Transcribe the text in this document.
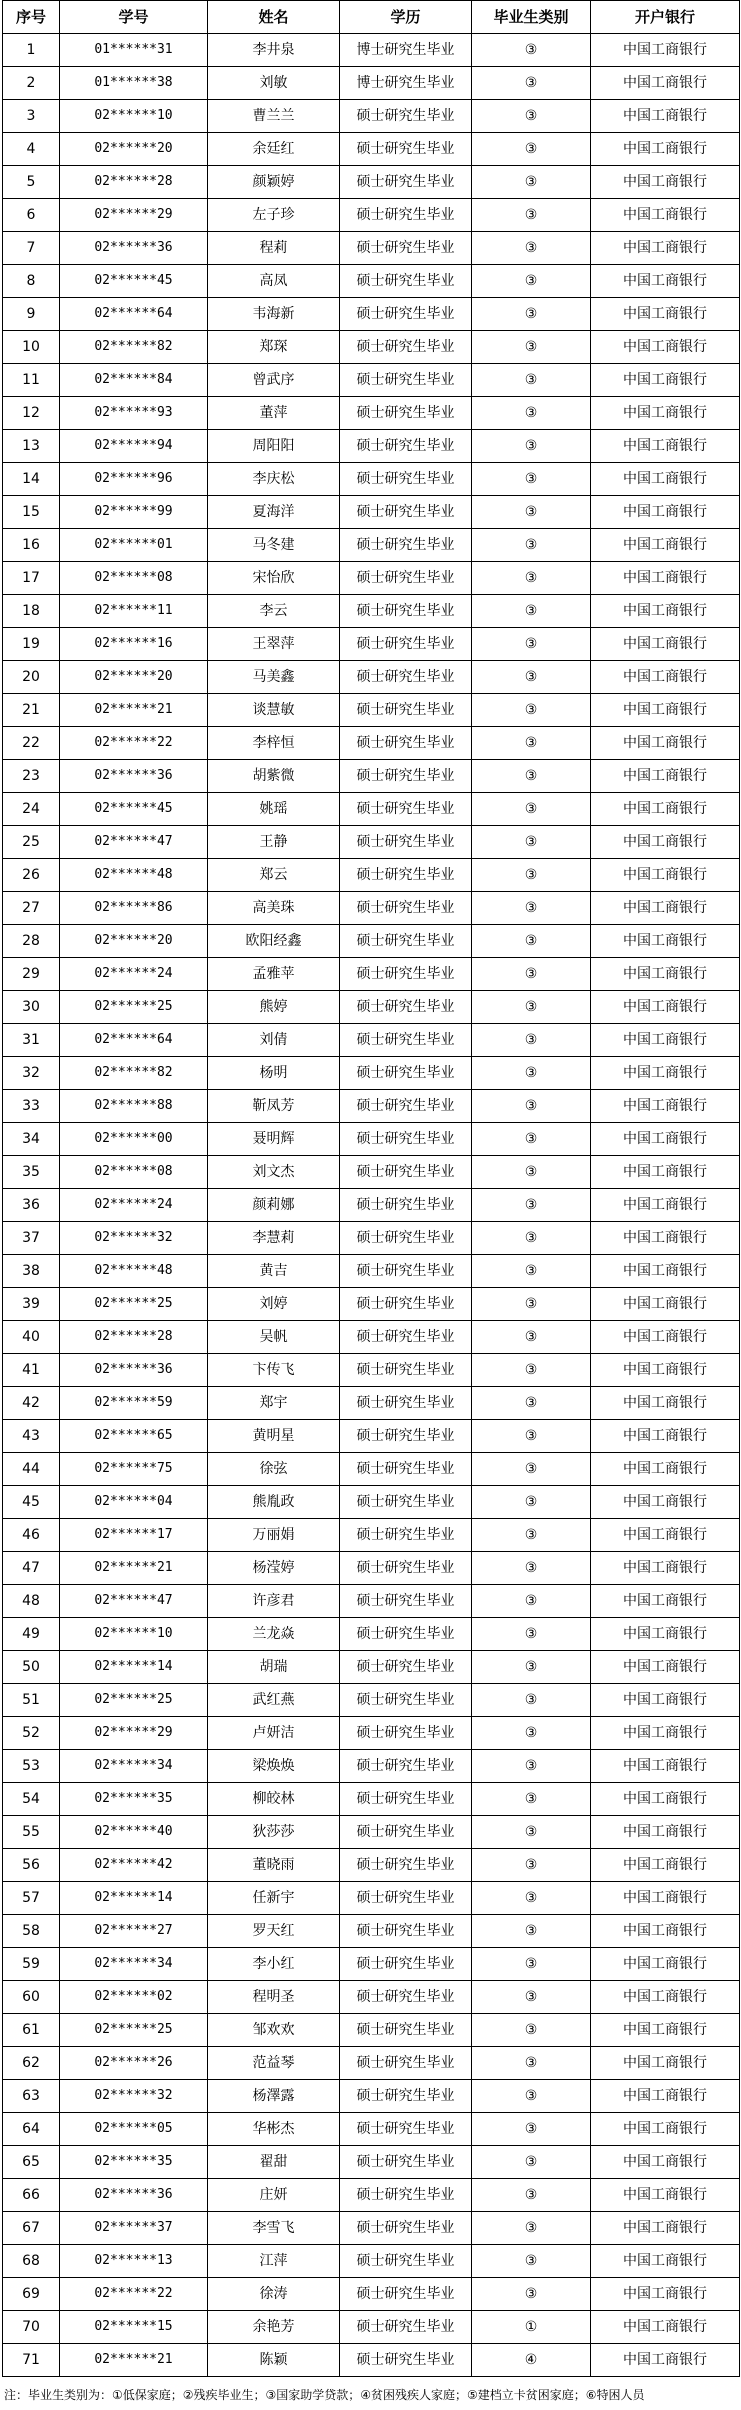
序号	学号	姓名	学历	毕业生类别	开户银行
1	01******31	李井泉	博士研究生毕业	③	中国工商银行
2	01******38	刘敏	博士研究生毕业	③	中国工商银行
3	02******10	曹兰兰	硕士研究生毕业	③	中国工商银行
4	02******20	余廷红	硕士研究生毕业	③	中国工商银行
5	02******28	颜颖婷	硕士研究生毕业	③	中国工商银行
6	02******29	左子珍	硕士研究生毕业	③	中国工商银行
7	02******36	程莉	硕士研究生毕业	③	中国工商银行
8	02******45	高凤	硕士研究生毕业	③	中国工商银行
9	02******64	韦海新	硕士研究生毕业	③	中国工商银行
10	02******82	郑琛	硕士研究生毕业	③	中国工商银行
11	02******84	曾武序	硕士研究生毕业	③	中国工商银行
12	02******93	董萍	硕士研究生毕业	③	中国工商银行
13	02******94	周阳阳	硕士研究生毕业	③	中国工商银行
14	02******96	李庆松	硕士研究生毕业	③	中国工商银行
15	02******99	夏海洋	硕士研究生毕业	③	中国工商银行
16	02******01	马冬建	硕士研究生毕业	③	中国工商银行
17	02******08	宋怡欣	硕士研究生毕业	③	中国工商银行
18	02******11	李云	硕士研究生毕业	③	中国工商银行
19	02******16	王翠萍	硕士研究生毕业	③	中国工商银行
20	02******20	马美鑫	硕士研究生毕业	③	中国工商银行
21	02******21	谈慧敏	硕士研究生毕业	③	中国工商银行
22	02******22	李梓恒	硕士研究生毕业	③	中国工商银行
23	02******36	胡紫微	硕士研究生毕业	③	中国工商银行
24	02******45	姚瑶	硕士研究生毕业	③	中国工商银行
25	02******47	王静	硕士研究生毕业	③	中国工商银行
26	02******48	郑云	硕士研究生毕业	③	中国工商银行
27	02******86	高美珠	硕士研究生毕业	③	中国工商银行
28	02******20	欧阳经鑫	硕士研究生毕业	③	中国工商银行
29	02******24	孟雅苹	硕士研究生毕业	③	中国工商银行
30	02******25	熊婷	硕士研究生毕业	③	中国工商银行
31	02******64	刘倩	硕士研究生毕业	③	中国工商银行
32	02******82	杨明	硕士研究生毕业	③	中国工商银行
33	02******88	靳凤芳	硕士研究生毕业	③	中国工商银行
34	02******00	聂明辉	硕士研究生毕业	③	中国工商银行
35	02******08	刘文杰	硕士研究生毕业	③	中国工商银行
36	02******24	颜莉娜	硕士研究生毕业	③	中国工商银行
37	02******32	李慧莉	硕士研究生毕业	③	中国工商银行
38	02******48	黄吉	硕士研究生毕业	③	中国工商银行
39	02******25	刘婷	硕士研究生毕业	③	中国工商银行
40	02******28	吴帆	硕士研究生毕业	③	中国工商银行
41	02******36	卞传飞	硕士研究生毕业	③	中国工商银行
42	02******59	郑宇	硕士研究生毕业	③	中国工商银行
43	02******65	黄明星	硕士研究生毕业	③	中国工商银行
44	02******75	徐弦	硕士研究生毕业	③	中国工商银行
45	02******04	熊胤政	硕士研究生毕业	③	中国工商银行
46	02******17	万丽娟	硕士研究生毕业	③	中国工商银行
47	02******21	杨滢婷	硕士研究生毕业	③	中国工商银行
48	02******47	许彦君	硕士研究生毕业	③	中国工商银行
49	02******10	兰龙焱	硕士研究生毕业	③	中国工商银行
50	02******14	胡瑞	硕士研究生毕业	③	中国工商银行
51	02******25	武红燕	硕士研究生毕业	③	中国工商银行
52	02******29	卢妍洁	硕士研究生毕业	③	中国工商银行
53	02******34	梁焕焕	硕士研究生毕业	③	中国工商银行
54	02******35	柳皎林	硕士研究生毕业	③	中国工商银行
55	02******40	狄莎莎	硕士研究生毕业	③	中国工商银行
56	02******42	董晓雨	硕士研究生毕业	③	中国工商银行
57	02******14	任新宇	硕士研究生毕业	③	中国工商银行
58	02******27	罗天红	硕士研究生毕业	③	中国工商银行
59	02******34	李小红	硕士研究生毕业	③	中国工商银行
60	02******02	程明圣	硕士研究生毕业	③	中国工商银行
61	02******25	邹欢欢	硕士研究生毕业	③	中国工商银行
62	02******26	范益琴	硕士研究生毕业	③	中国工商银行
63	02******32	杨澤露	硕士研究生毕业	③	中国工商银行
64	02******05	华彬杰	硕士研究生毕业	③	中国工商银行
65	02******35	翟甜	硕士研究生毕业	③	中国工商银行
66	02******36	庄妍	硕士研究生毕业	③	中国工商银行
67	02******37	李雪飞	硕士研究生毕业	③	中国工商银行
68	02******13	江萍	硕士研究生毕业	③	中国工商银行
69	02******22	徐涛	硕士研究生毕业	③	中国工商银行
70	02******15	余艳芳	硕士研究生毕业	①	中国工商银行
71	02******21	陈颖	硕士研究生毕业	④	中国工商银行
注：毕业生类别为：①低保家庭；②残疾毕业生；③国家助学贷款；④贫困残疾人家庭；⑤建档立卡贫困家庭；⑥特困人员
